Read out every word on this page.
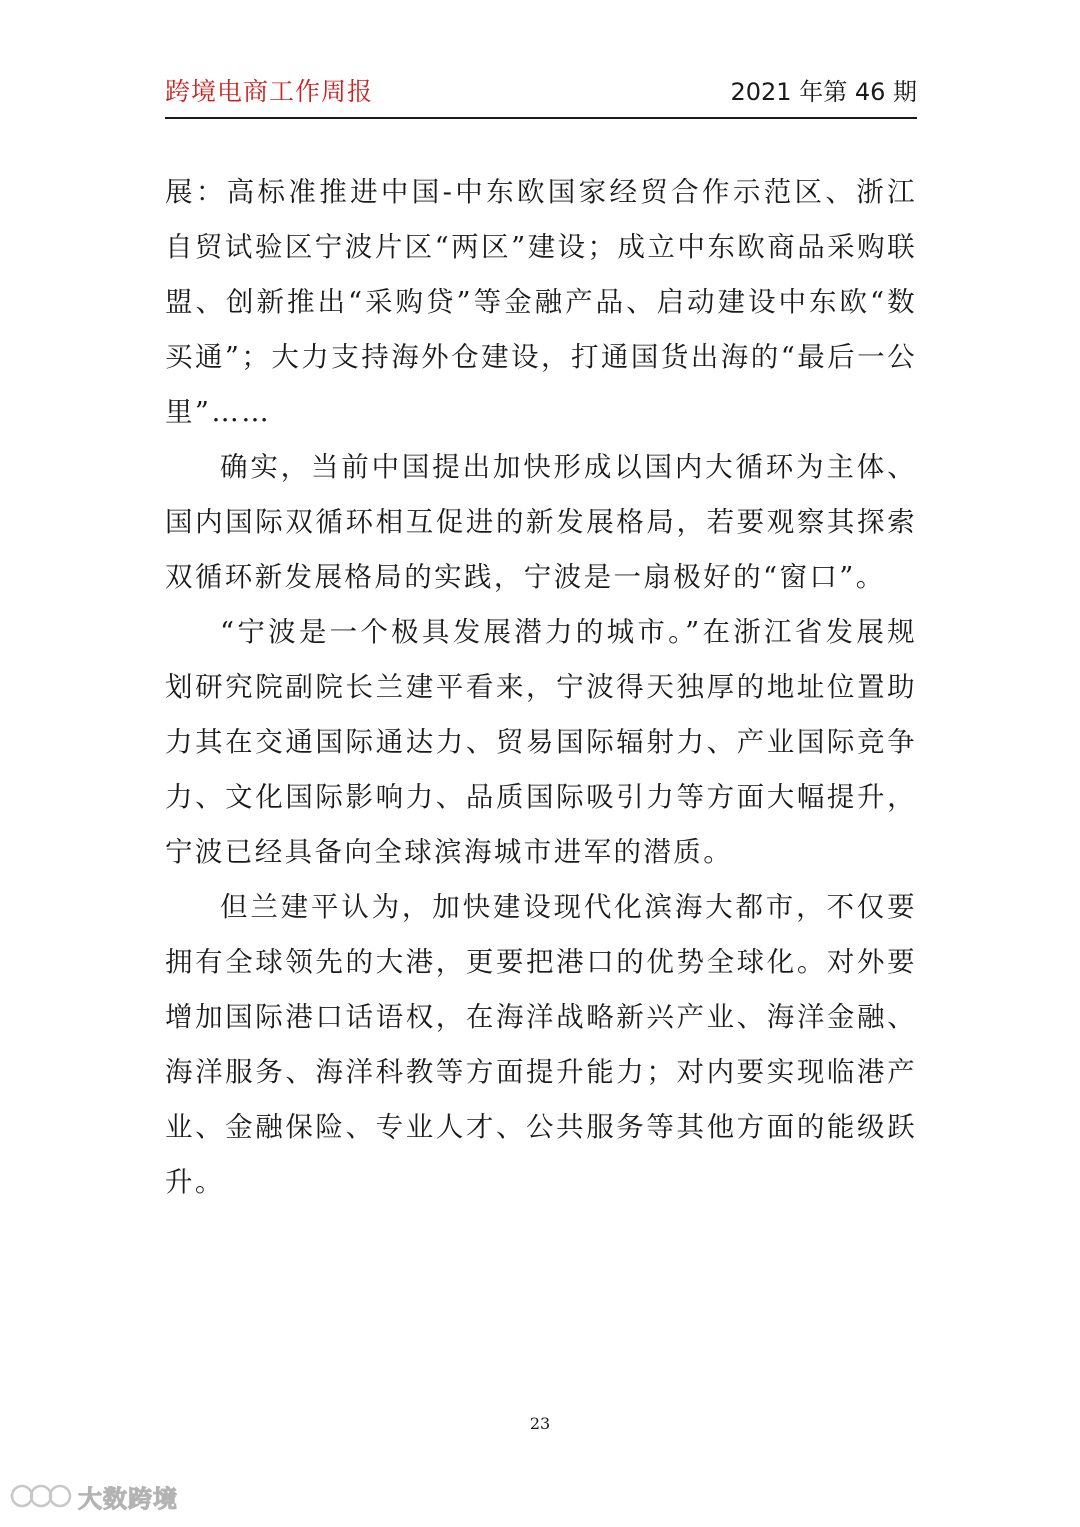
跨境电商工作周报	2021 年第 46 期

展：高标准推进中国-中东欧国家经贸合作示范区、浙江自贸试验区宁波片区“两区”建设；成立中东欧商品采购联盟、创新推出“采购贷”等金融产品、启动建设中东欧“数买通”；大力支持海外仓建设，打通国货出海的“最后一公里”……

确实，当前中国提出加快形成以国内大循环为主体、国内国际双循环相互促进的新发展格局，若要观察其探索双循环新发展格局的实践，宁波是一扇极好的“窗口”。

“宁波是一个极具发展潜力的城市。”在浙江省发展规划研究院副院长兰建平看来，宁波得天独厚的地址位置助力其在交通国际通达力、贸易国际辐射力、产业国际竞争力、文化国际影响力、品质国际吸引力等方面大幅提升，宁波已经具备向全球滨海城市进军的潜质。

但兰建平认为，加快建设现代化滨海大都市，不仅要拥有全球领先的大港，更要把港口的优势全球化。对外要增加国际港口话语权，在海洋战略新兴产业、海洋金融、海洋服务、海洋科教等方面提升能力；对内要实现临港产业、金融保险、专业人才、公共服务等其他方面的能级跃升。

23
大数跨境
